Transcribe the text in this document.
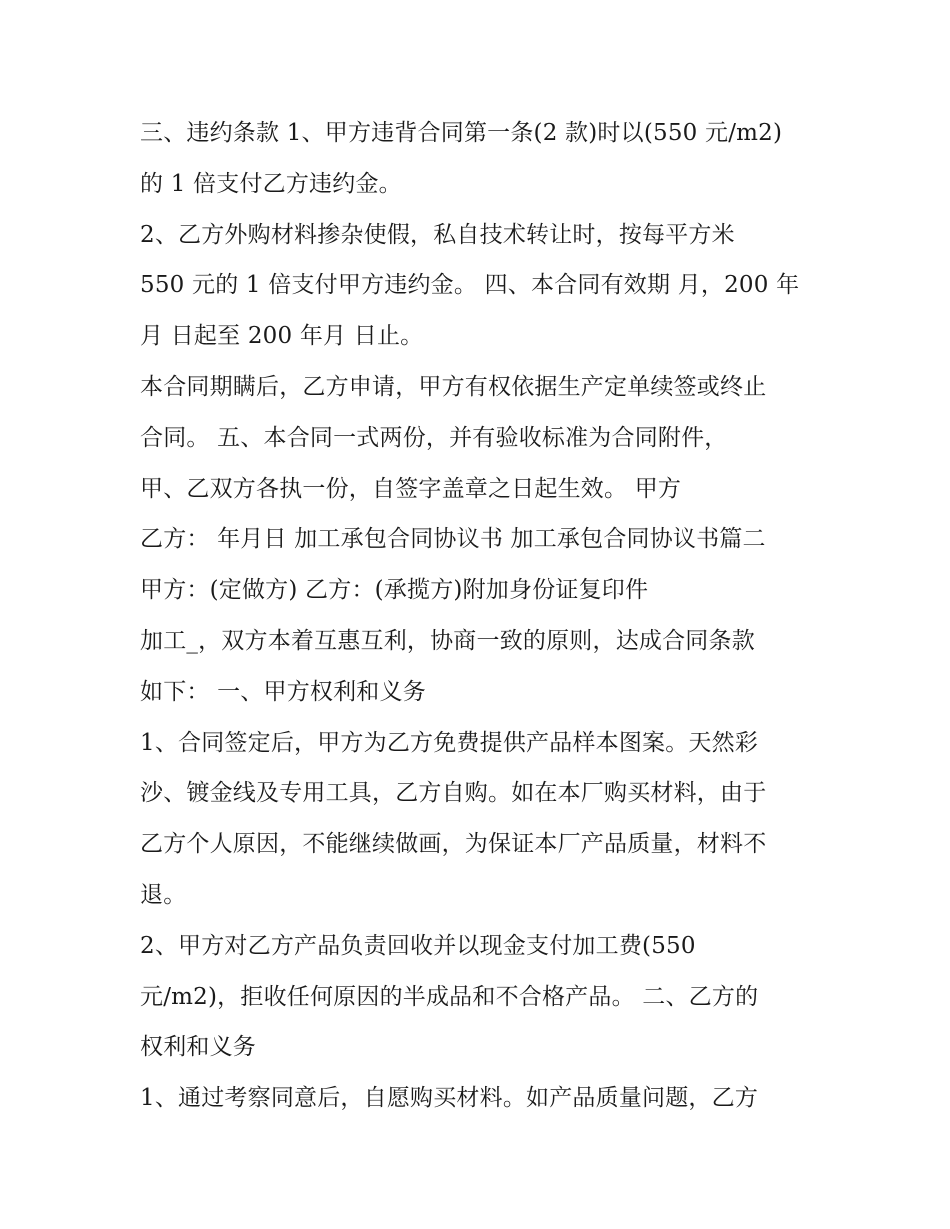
三、违约条款 1、甲方违背合同第一条(2 款)时以(550 元/m2)
的 1 倍支付乙方违约金。
2、乙方外购材料掺杂使假，私自技术转让时，按每平方米
550 元的 1 倍支付甲方违约金。 四、本合同有效期 月，200 年
月 日起至 200 年月 日止。
本合同期瞒后，乙方申请，甲方有权依据生产定单续签或终止
合同。 五、本合同一式两份，并有验收标准为合同附件，
甲、乙双方各执一份，自签字盖章之日起生效。 甲方
乙方： 年月日 加工承包合同协议书 加工承包合同协议书篇二
甲方：(定做方) 乙方：(承揽方)附加身份证复印件
加工_，双方本着互惠互利，协商一致的原则，达成合同条款
如下： 一、甲方权利和义务
1、合同签定后，甲方为乙方免费提供产品样本图案。天然彩
沙、镀金线及专用工具，乙方自购。如在本厂购买材料，由于
乙方个人原因，不能继续做画，为保证本厂产品质量，材料不
退。
2、甲方对乙方产品负责回收并以现金支付加工费(550
元/m2)，拒收任何原因的半成品和不合格产品。 二、乙方的
权利和义务
1、通过考察同意后，自愿购买材料。如产品质量问题，乙方
